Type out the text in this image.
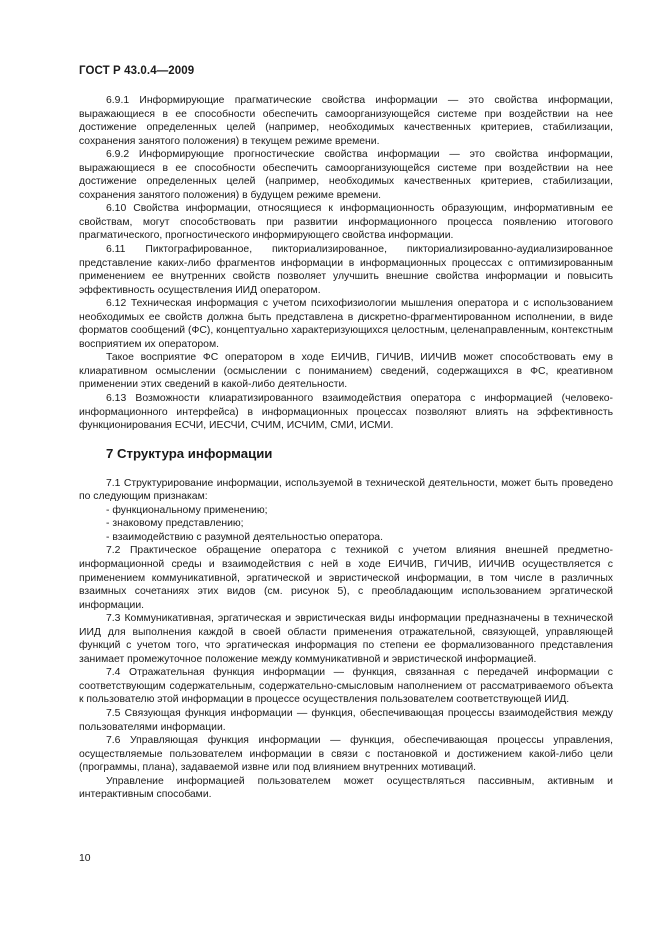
ГОСТ Р 43.0.4—2009

6.9.1 Информирующие прагматические свойства информации — это свойства информации, выражающиеся в ее способности обеспечить самоорганизующейся системе при воздействии на нее достижение определенных целей (например, необходимых качественных критериев, стабилизации, сохранения занятого положения) в текущем режиме времени.

6.9.2 Информирующие прогностические свойства информации — это свойства информации, выражающиеся в ее способности обеспечить самоорганизующейся системе при воздействии на нее достижение определенных целей (например, необходимых качественных критериев, стабилизации, сохранения занятого положения) в будущем режиме времени.

6.10 Свойства информации, относящиеся к информационность образующим, информативным ее свойствам, могут способствовать при развитии информационного процесса появлению итогового прагматического, прогностического информирующего свойства информации.

6.11 Пиктографированное, пикториализированное, пикториализированно-аудиализированное представление каких-либо фрагментов информации в информационных процессах с оптимизированным применением ее внутренних свойств позволяет улучшить внешние свойства информации и повысить эффективность осуществления ИИД оператором.

6.12 Техническая информация с учетом психофизиологии мышления оператора и с использованием необходимых ее свойств должна быть представлена в дискретно-фрагментированном исполнении, в виде форматов сообщений (ФС), концептуально характеризующихся целостным, целенаправленным, контекстным восприятием их оператором.

Такое восприятие ФС оператором в ходе ЕИЧИВ, ГИЧИВ, ИИЧИВ может способствовать ему в клиаративном осмыслении (осмыслении с пониманием) сведений, содержащихся в ФС, креативном применении этих сведений в какой-либо деятельности.

6.13 Возможности клиаратизированного взаимодействия оператора с информацией (человеко-информационного интерфейса) в информационных процессах позволяют влиять на эффективность функционирования ЕСЧИ, ИЕСЧИ, СЧИМ, ИСЧИМ, СМИ, ИСМИ.

7 Структура информации

7.1 Структурирование информации, используемой в технической деятельности, может быть проведено по следующим признакам:

- функциональному применению;
- знаковому представлению;
- взаимодействию с разумной деятельностью оператора.

7.2 Практическое обращение оператора с техникой с учетом влияния внешней предметно-информационной среды и взаимодействия с ней в ходе ЕИЧИВ, ГИЧИВ, ИИЧИВ осуществляется с применением коммуникативной, эргатической и эвристической информации, в том числе в различных взаимных сочетаниях этих видов (см. рисунок 5), с преобладающим использованием эргатической информации.

7.3 Коммуникативная, эргатическая и эвристическая виды информации предназначены в технической ИИД для выполнения каждой в своей области применения отражательной, связующей, управляющей функций с учетом того, что эргатическая информация по степени ее формализованного представления занимает промежуточное положение между коммуникативной и эвристической информацией.

7.4 Отражательная функция информации — функция, связанная с передачей информации с соответствующим содержательным, содержательно-смысловым наполнением от рассматриваемого объекта к пользователю этой информации в процессе осуществления пользователем соответствующей ИИД.

7.5 Связующая функция информации — функция, обеспечивающая процессы взаимодействия между пользователями информации.

7.6 Управляющая функция информации — функция, обеспечивающая процессы управления, осуществляемые пользователем информации в связи с постановкой и достижением какой-либо цели (программы, плана), задаваемой извне или под влиянием внутренних мотиваций.

Управление информацией пользователем может осуществляться пассивным, активным и интерактивным способами.

10
